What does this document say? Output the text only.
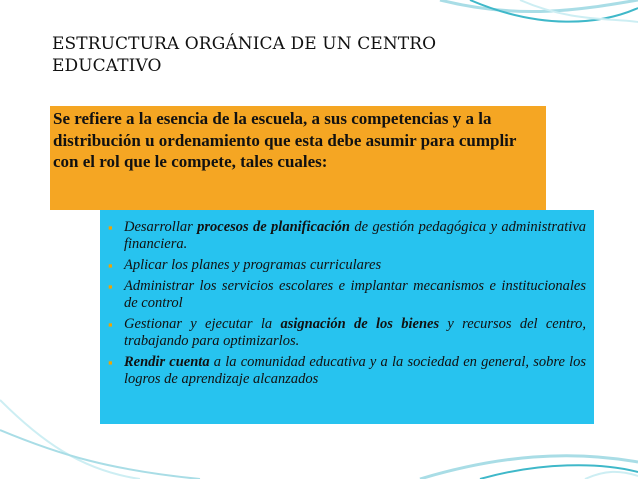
ESTRUCTURA ORGÁNICA DE UN CENTRO EDUCATIVO
Se refiere a la esencia de la escuela, a sus competencias y a la distribución u ordenamiento que esta debe asumir para cumplir con el rol que le compete, tales cuales:
▪ Desarrollar procesos de planificación de gestión pedagógica y administrativa financiera.
▪ Aplicar los planes y programas curriculares
▪ Administrar los servicios escolares e implantar mecanismos e institucionales de control
▪ Gestionar y ejecutar la asignación de los bienes y recursos del centro, trabajando para optimizarlos.
▪ Rendir cuenta a la comunidad educativa y a la sociedad en general, sobre los logros de aprendizaje alcanzados
